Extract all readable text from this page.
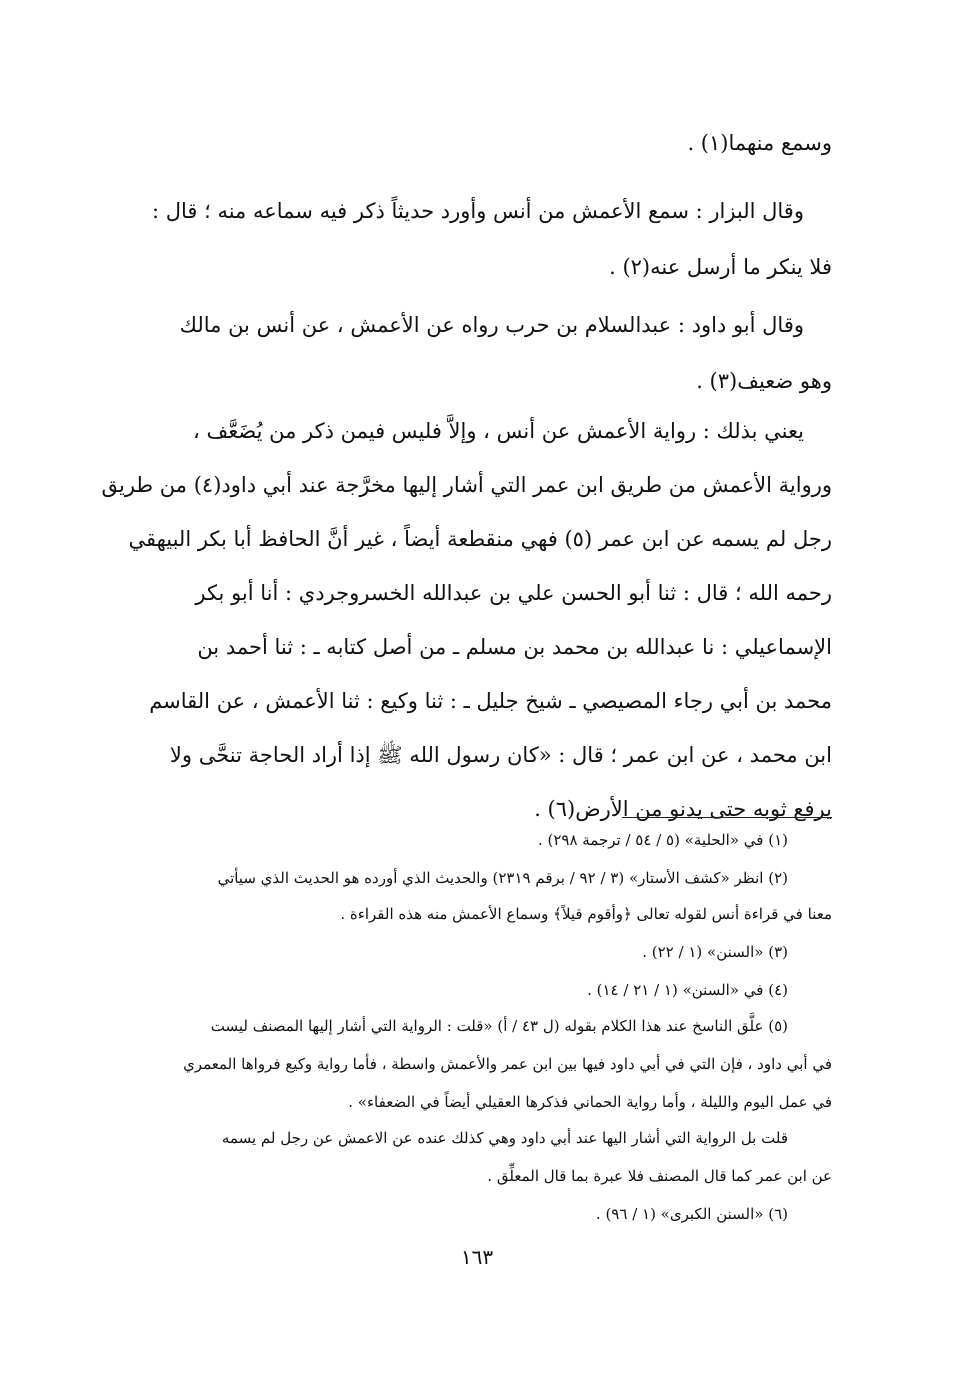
وسمع منهما(١) .
وقال البزار : سمع الأعمش من أنس وأورد حديثاً ذكر فيه سماعه منه ؛ قال :
فلا ينكر ما أرسل عنه(٢) .
وقال أبو داود : عبدالسلام بن حرب رواه عن الأعمش ، عن أنس بن مالك
وهو ضعيف(٣) .
يعني بذلك : رواية الأعمش عن أنس ، وإلاَّ فليس فيمن ذكر من يُضَعَّف ،
ورواية الأعمش من طريق ابن عمر التي أشار إليها مخرَّجة عند أبي داود(٤) من طريق
رجل لم يسمه عن ابن عمر (٥) فهي منقطعة أيضاً ، غير أنَّ الحافظ أبا بكر البيهقي
رحمه الله ؛ قال : ثنا أبو الحسن علي بن عبدالله الخسروجردي : أنا أبو بكر
الإسماعيلي : نا عبدالله بن محمد بن مسلم ـ من أصل كتابه ـ : ثنا أحمد بن
محمد بن أبي رجاء المصيصي ـ شيخ جليل ـ : ثنا وكيع : ثنا الأعمش ، عن القاسم
ابن محمد ، عن ابن عمر ؛ قال : «كان رسول الله ﷺ إذا أراد الحاجة تنحَّى ولا
يرفع ثوبه حتى يدنو من الأرض(٦) .
(١) في «الحلية» (٥ / ٥٤ / ترجمة ٢٩٨) .
(٢) انظر «كشف الأستار» (٣ / ٩٢ / برقم ٢٣١٩) والحديث الذي أورده هو الحديث الذي سيأتي
معنا في قراءة أنس لقوله تعالى ﴿وأقوم قيلاً﴾ وسماع الأعمش منه هذه القراءة .
(٣) «السنن» (١ / ٢٢) .
(٤) في «السنن» (١ / ٢١ / ١٤) .
(٥) علَّق الناسخ عند هذا الكلام بقوله (ل ٤٣ / أ) «قلت : الرواية التي أشار إليها المصنف ليست
في أبي داود ، فإن التي في أبي داود فيها بين ابن عمر والأعمش واسطة ، فأما رواية وكيع فرواها المعمري
في عمل اليوم والليلة ، وأما رواية الحماني فذكرها العقيلي أيضاً في الضعفاء» .
قلت بل الرواية التي أشار اليها عند أبي داود وهي كذلك عنده عن الاعمش عن رجل لم يسمه
عن ابن عمر كما قال المصنف فلا عبرة بما قال المعلِّق .
(٦) «السنن الكبرى» (١ / ٩٦) .
١٦٣
